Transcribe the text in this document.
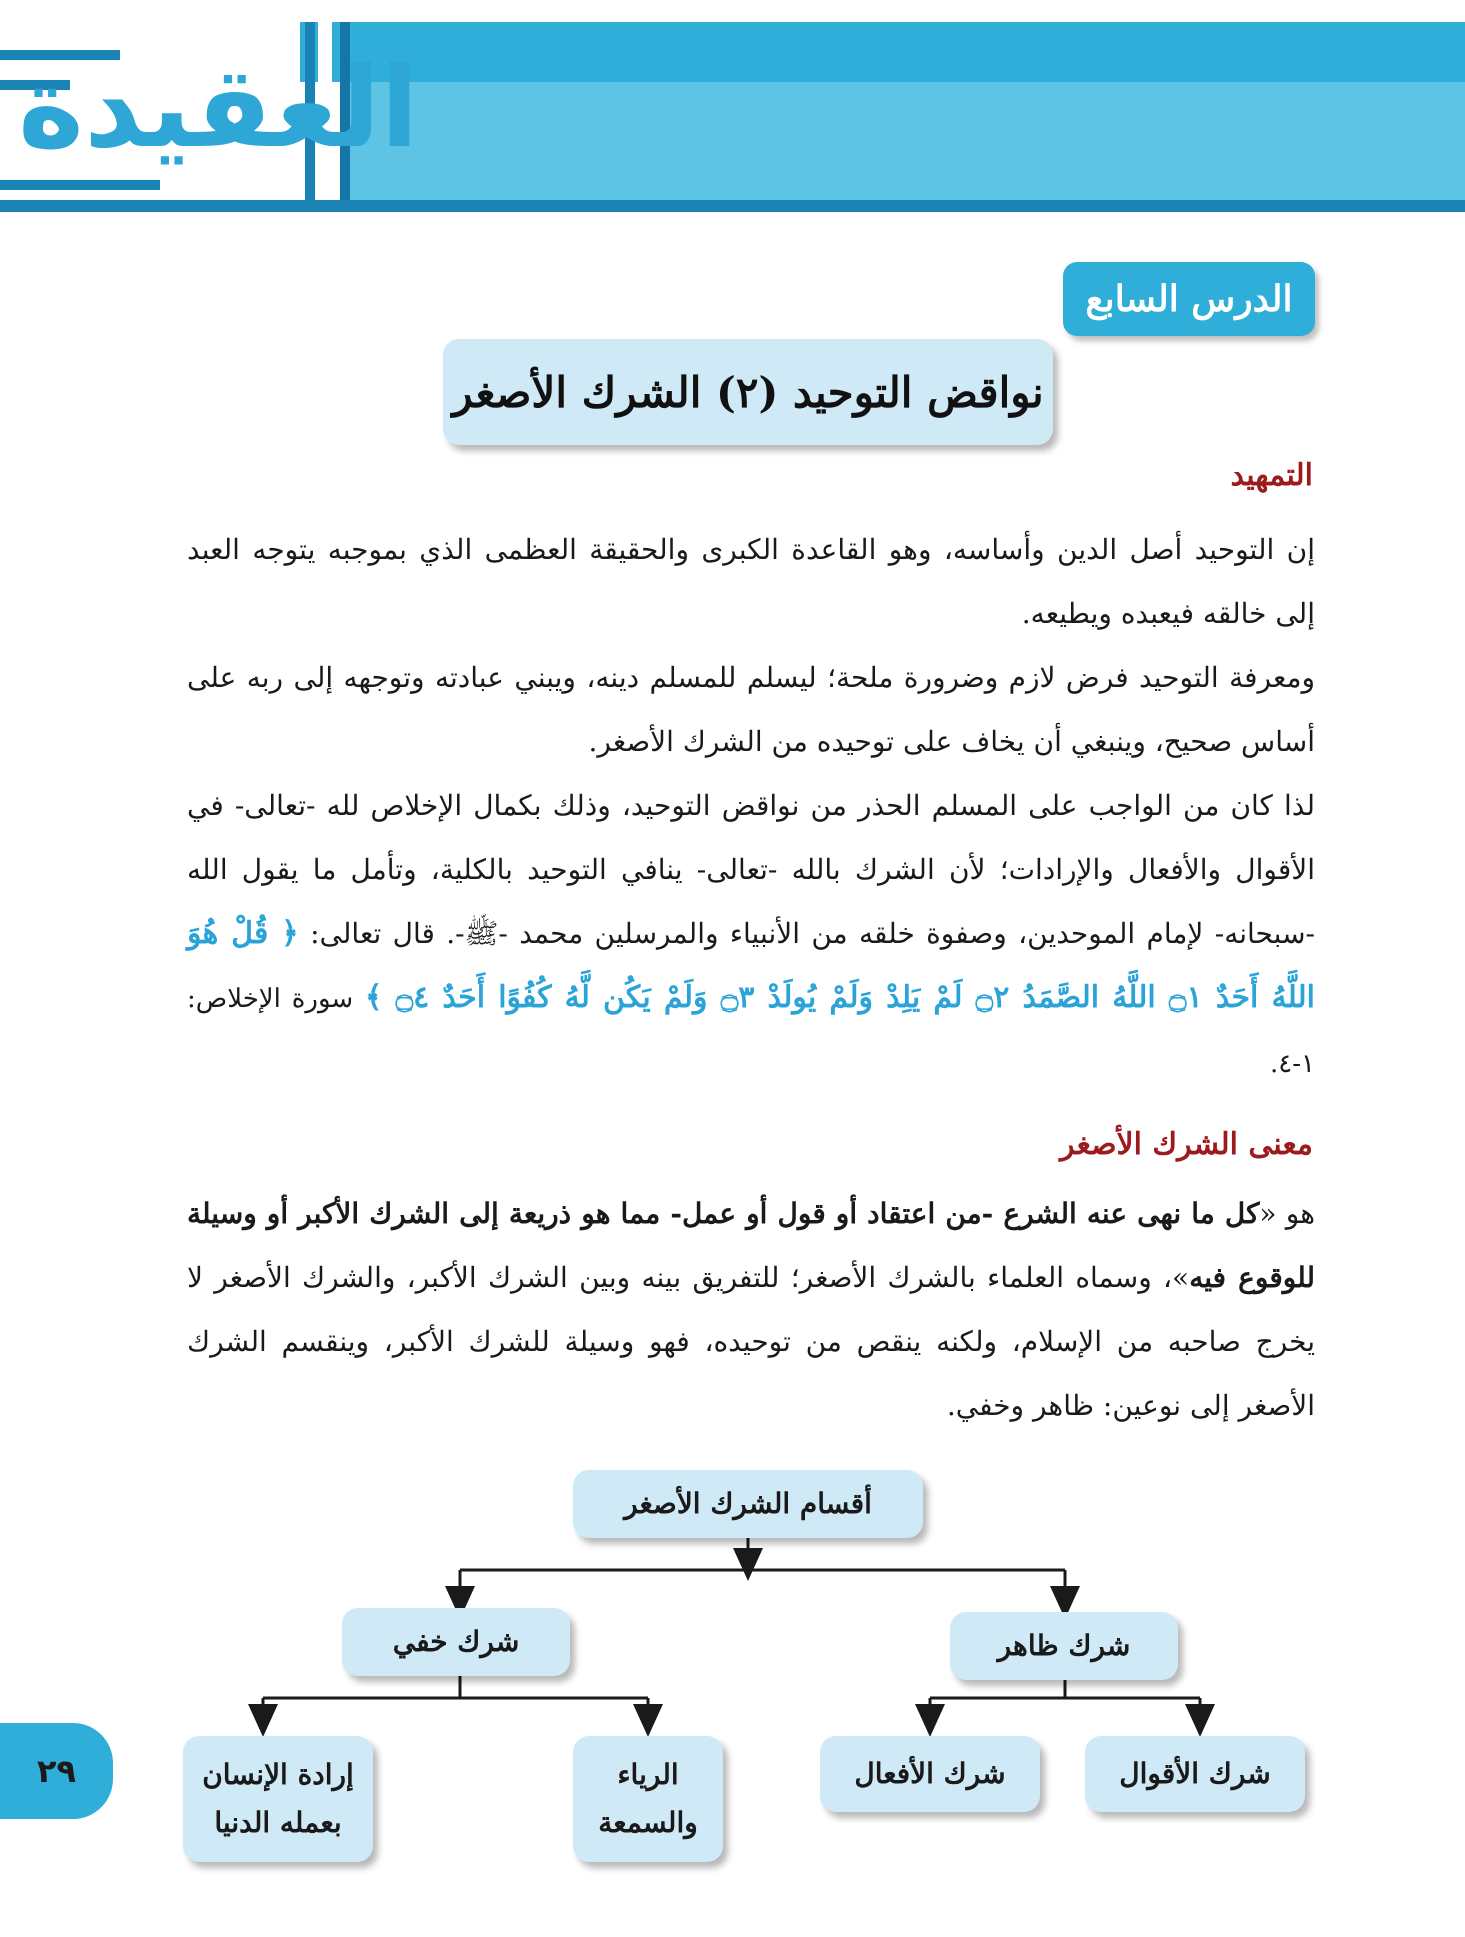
العقيدة
الدرس السابع
نواقض التوحيد (٢) الشرك الأصغر
التمهيد

إن التوحيد أصل الدين وأساسه، وهو القاعدة الكبرى والحقيقة العظمى الذي بموجبه يتوجه العبد إلى خالقه فيعبده ويطيعه.

ومعرفة التوحيد فرض لازم وضرورة ملحة؛ ليسلم للمسلم دينه، ويبني عبادته وتوجهه إلى ربه على أساس صحيح، وينبغي أن يخاف على توحيده من الشرك الأصغر.

لذا كان من الواجب على المسلم الحذر من نواقض التوحيد، وذلك بكمال الإخلاص لله -تعالى- في الأقوال والأفعال والإرادات؛ لأن الشرك بالله -تعالى- ينافي التوحيد بالكلية، وتأمل ما يقول الله -سبحانه- لإمام الموحدين، وصفوة خلقه من الأنبياء والمرسلين محمد -ﷺ-. قال تعالى: ﴿ قُلْ هُوَ اللَّهُ أَحَدٌ ۝١ اللَّهُ الصَّمَدُ ۝٢ لَمْ يَلِدْ وَلَمْ يُولَدْ ۝٣ وَلَمْ يَكُن لَّهُ كُفُوًا أَحَدٌ ۝٤ ﴾ سورة الإخلاص: ١-٤.

معنى الشرك الأصغر

هو «كل ما نهى عنه الشرع -من اعتقاد أو قول أو عمل- مما هو ذريعة إلى الشرك الأكبر أو وسيلة للوقوع فيه»، وسماه العلماء بالشرك الأصغر؛ للتفريق بينه وبين الشرك الأكبر، والشرك الأصغر لا يخرج صاحبه من الإسلام، ولكنه ينقص من توحيده، فهو وسيلة للشرك الأكبر، وينقسم الشرك الأصغر إلى نوعين: ظاهر وخفي.

أقسام الشرك الأصغر
شرك خفي	شرك ظاهر
إرادة الإنسان بعمله الدنيا
الرياء والسمعة
شرك الأفعال	شرك الأقوال
٢٩
